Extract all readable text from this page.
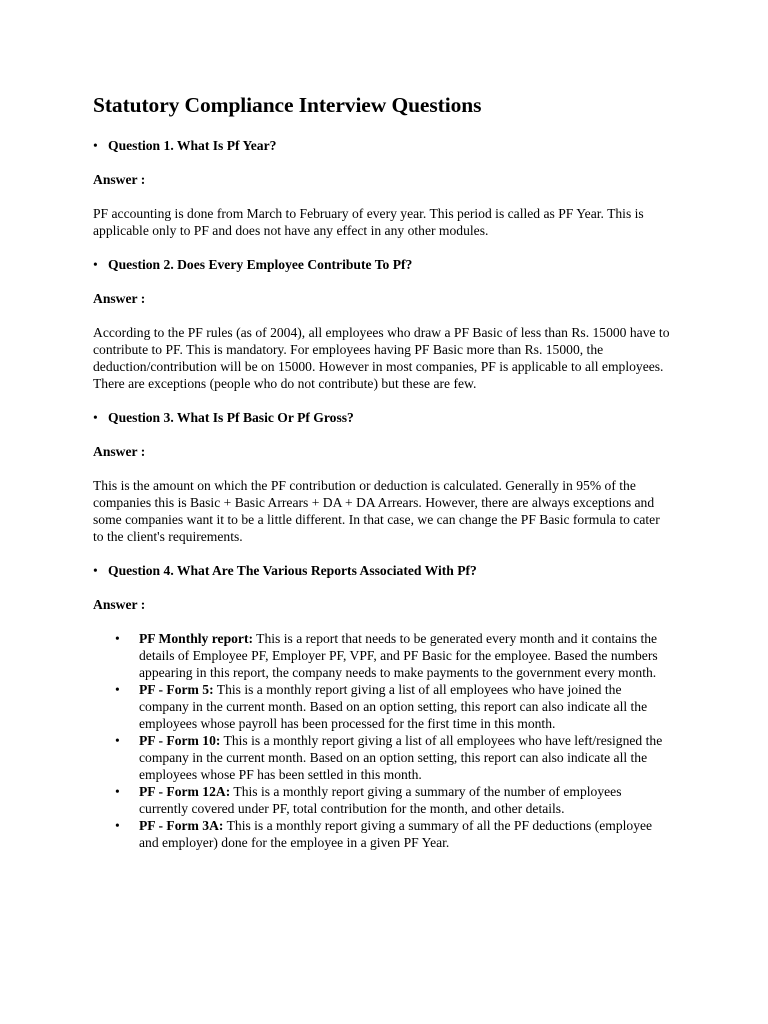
Statutory Compliance Interview Questions
• Question 1. What Is Pf Year?
Answer :

PF accounting is done from March to February of every year. This period is called as PF Year. This is applicable only to PF and does not have any effect in any other modules.

• Question 2. Does Every Employee Contribute To Pf?
Answer :

According to the PF rules (as of 2004), all employees who draw a PF Basic of less than Rs. 15000 have to contribute to PF. This is mandatory. For employees having PF Basic more than Rs. 15000, the deduction/contribution will be on 15000. However in most companies, PF is applicable to all employees. There are exceptions (people who do not contribute) but these are few.

• Question 3. What Is Pf Basic Or Pf Gross?
Answer :

This is the amount on which the PF contribution or deduction is calculated. Generally in 95% of the companies this is Basic + Basic Arrears + DA + DA Arrears. However, there are always exceptions and some companies want it to be a little different. In that case, we can change the PF Basic formula to cater to the client's requirements.

• Question 4. What Are The Various Reports Associated With Pf?
Answer :
• PF Monthly report: This is a report that needs to be generated every month and it contains the details of Employee PF, Employer PF, VPF, and PF Basic for the employee. Based the numbers appearing in this report, the company needs to make payments to the government every month.
• PF - Form 5: This is a monthly report giving a list of all employees who have joined the company in the current month. Based on an option setting, this report can also indicate all the employees whose payroll has been processed for the first time in this month.
• PF - Form 10: This is a monthly report giving a list of all employees who have left/resigned the company in the current month. Based on an option setting, this report can also indicate all the employees whose PF has been settled in this month.
• PF - Form 12A: This is a monthly report giving a summary of the number of employees currently covered under PF, total contribution for the month, and other details.
• PF - Form 3A: This is a monthly report giving a summary of all the PF deductions (employee and employer) done for the employee in a given PF Year.
